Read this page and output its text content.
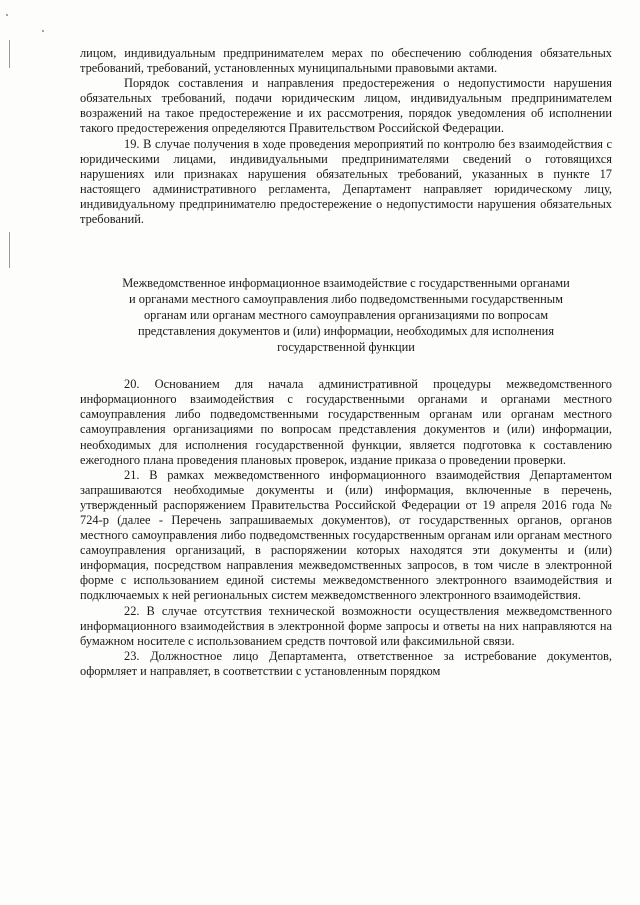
лицом, индивидуальным предпринимателем мерах по обеспечению соблюдения обязательных требований, требований, установленных муниципальными правовыми актами.

Порядок составления и направления предостережения о недопустимости нарушения обязательных требований, подачи юридическим лицом, индивидуальным предпринимателем возражений на такое предостережение и их рассмотрения, порядок уведомления об исполнении такого предостережения определяются Правительством Российской Федерации.

19. В случае получения в ходе проведения мероприятий по контролю без взаимодействия с юридическими лицами, индивидуальными предпринимателями сведений о готовящихся нарушениях или признаках нарушения обязательных требований, указанных в пункте 17 настоящего административного регламента, Департамент направляет юридическому лицу, индивидуальному предпринимателю предостережение о недопустимости нарушения обязательных требований.

Межведомственное информационное взаимодействие с государственными органами и органами местного самоуправления либо подведомственными государственным органам или органам местного самоуправления организациями по вопросам представления документов и (или) информации, необходимых для исполнения государственной функции

20. Основанием для начала административной процедуры межведомственного информационного взаимодействия с государственными органами и органами местного самоуправления либо подведомственными государственным органам или органам местного самоуправления организациями по вопросам представления документов и (или) информации, необходимых для исполнения государственной функции, является подготовка к составлению ежегодного плана проведения плановых проверок, издание приказа о проведении проверки.

21. В рамках межведомственного информационного взаимодействия Департаментом запрашиваются необходимые документы и (или) информация, включенные в перечень, утвержденный распоряжением Правительства Российской Федерации от 19 апреля 2016 года № 724-р (далее - Перечень запрашиваемых документов), от государственных органов, органов местного самоуправления либо подведомственных государственным органам или органам местного самоуправления организаций, в распоряжении которых находятся эти документы и (или) информация, посредством направления межведомственных запросов, в том числе в электронной форме с использованием единой системы межведомственного электронного взаимодействия и подключаемых к ней региональных систем межведомственного электронного взаимодействия.

22. В случае отсутствия технической возможности осуществления межведомственного информационного взаимодействия в электронной форме запросы и ответы на них направляются на бумажном носителе с использованием средств почтовой или факсимильной связи.

23. Должностное лицо Департамента, ответственное за истребование документов, оформляет и направляет, в соответствии с установленным порядком
